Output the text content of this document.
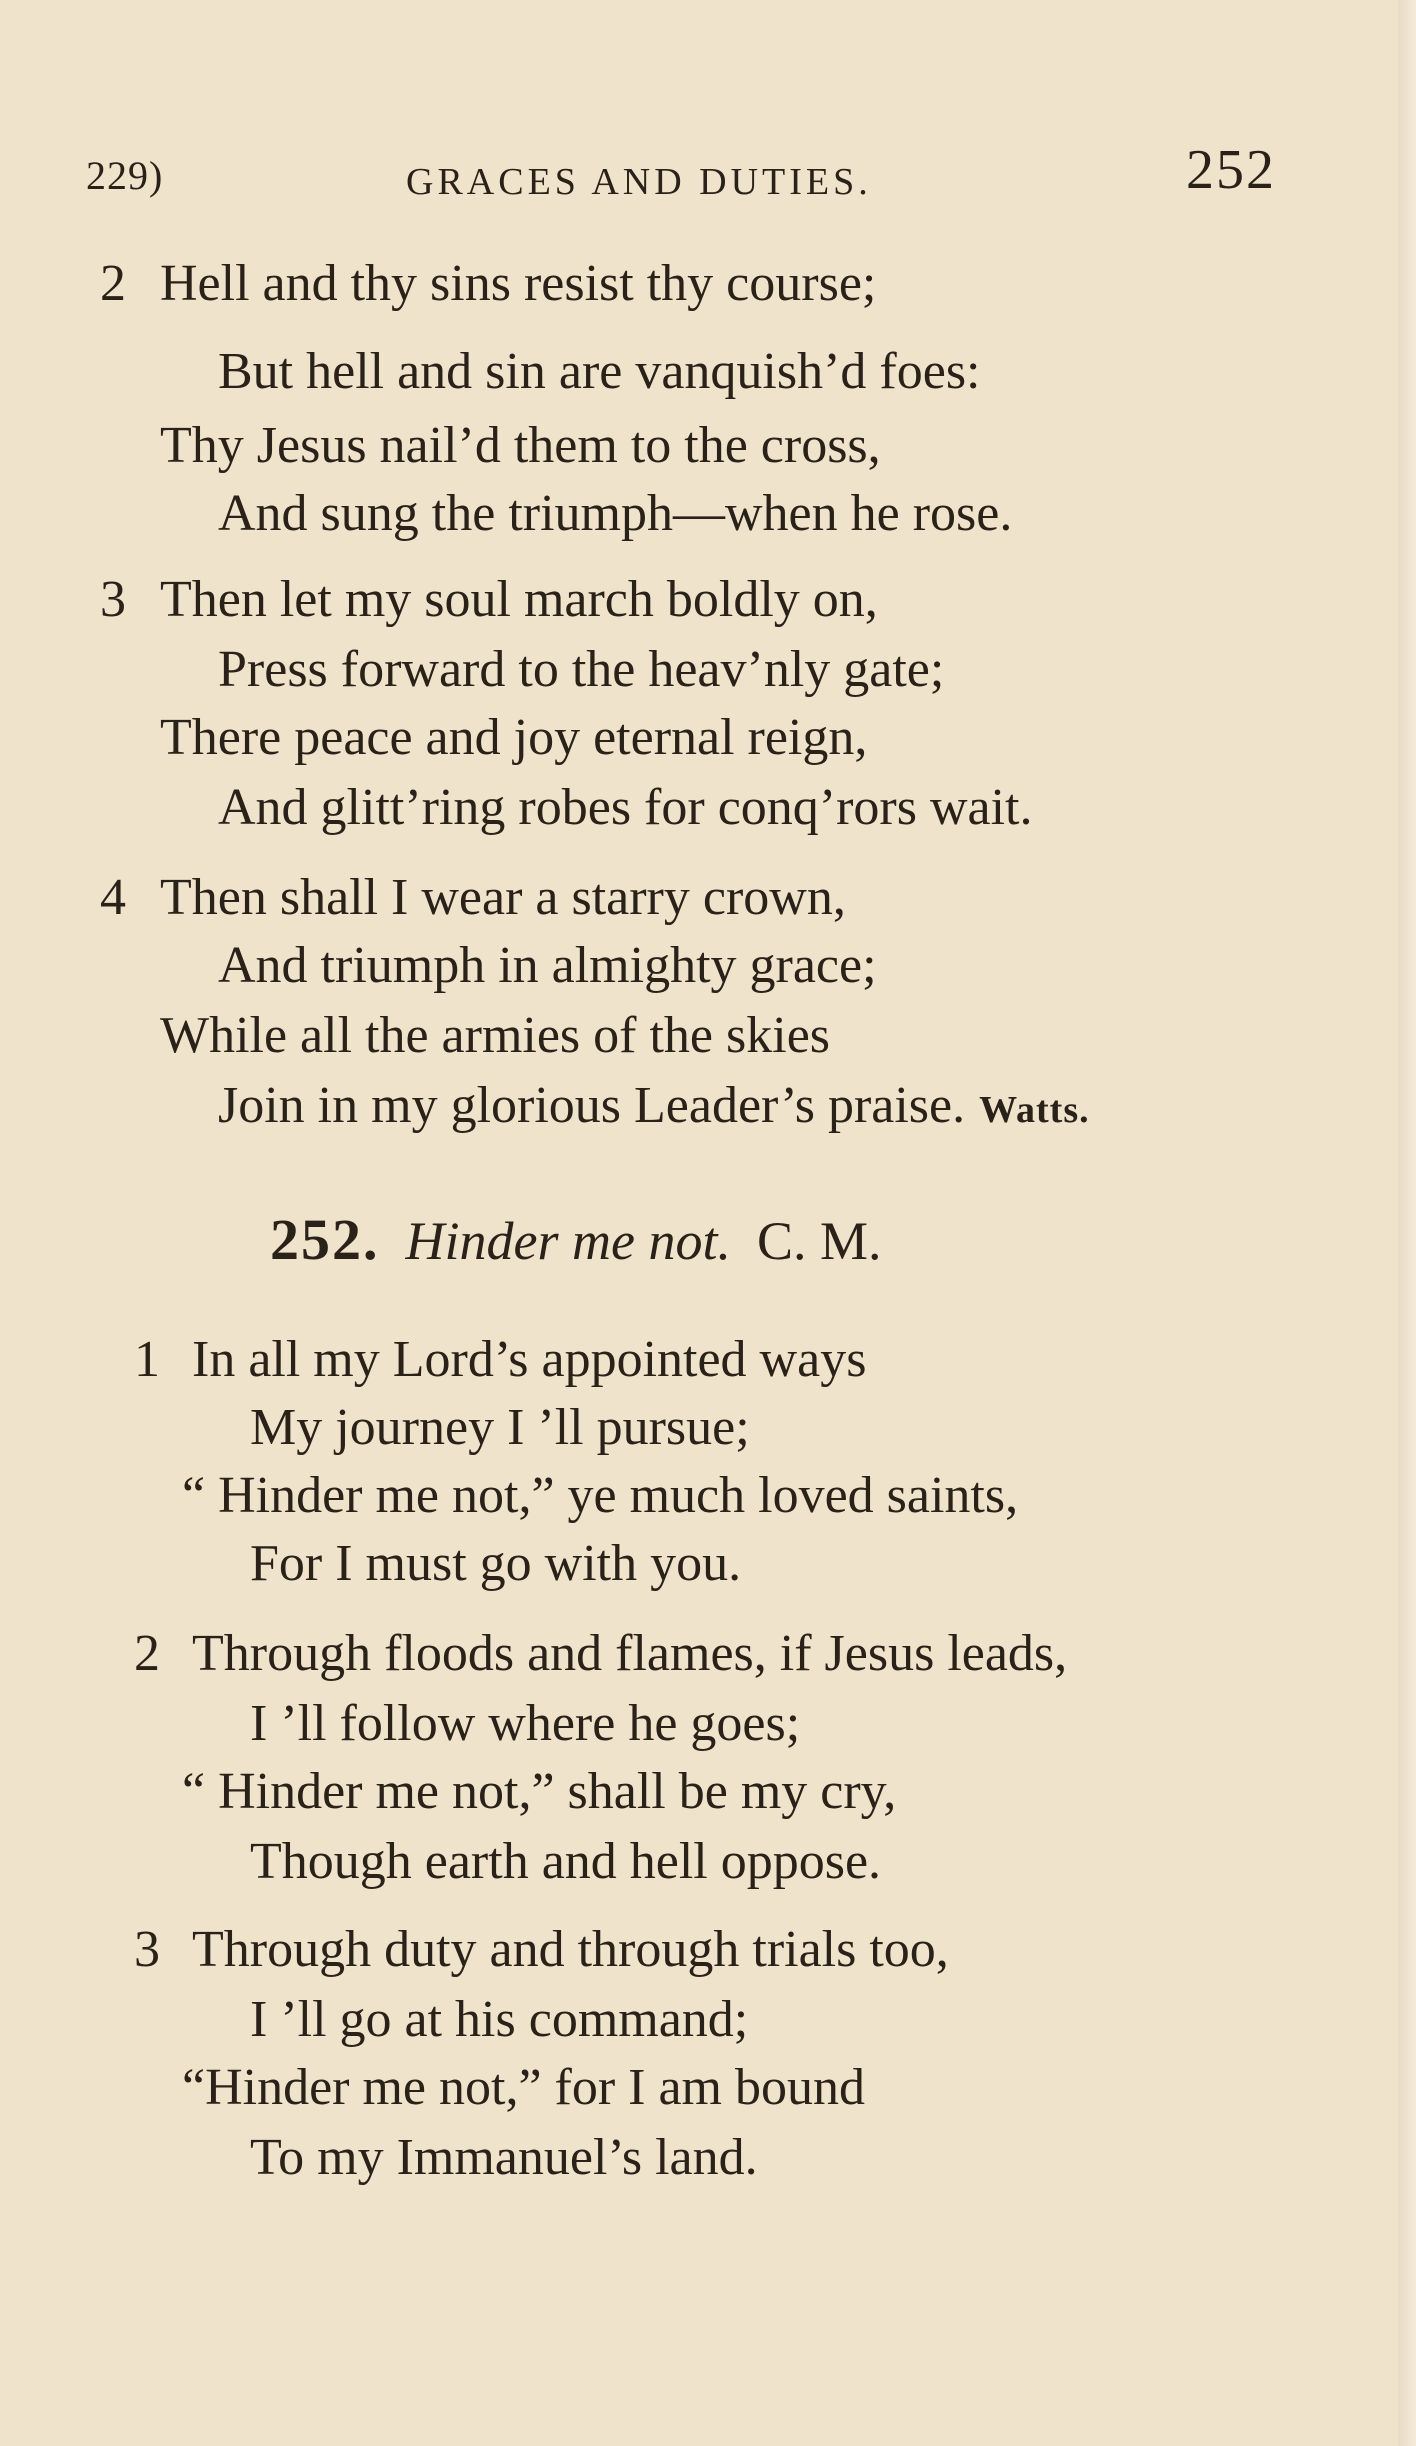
229)	GRACES AND DUTIES.	252
2 Hell and thy sins resist thy course;
But hell and sin are vanquish’d foes:
Thy Jesus nail’d them to the cross,
And sung the triumph—when he rose.
3 Then let my soul march boldly on,
Press forward to the heav’nly gate;
There peace and joy eternal reign,
And glitt’ring robes for conq’rors wait.
4 Then shall I wear a starry crown,
And triumph in almighty grace;
While all the armies of the skies
Join in my glorious Leader’s praise. Watts.
252. Hinder me not. C. M.
1 In all my Lord’s appointed ways
My journey I ’ll pursue;
“ Hinder me not,” ye much loved saints,
For I must go with you.
2 Through floods and flames, if Jesus leads,
I ’ll follow where he goes;
“ Hinder me not,” shall be my cry,
Though earth and hell oppose.
3 Through duty and through trials too,
I ’ll go at his command;
“Hinder me not,” for I am bound
To my Immanuel’s land.
